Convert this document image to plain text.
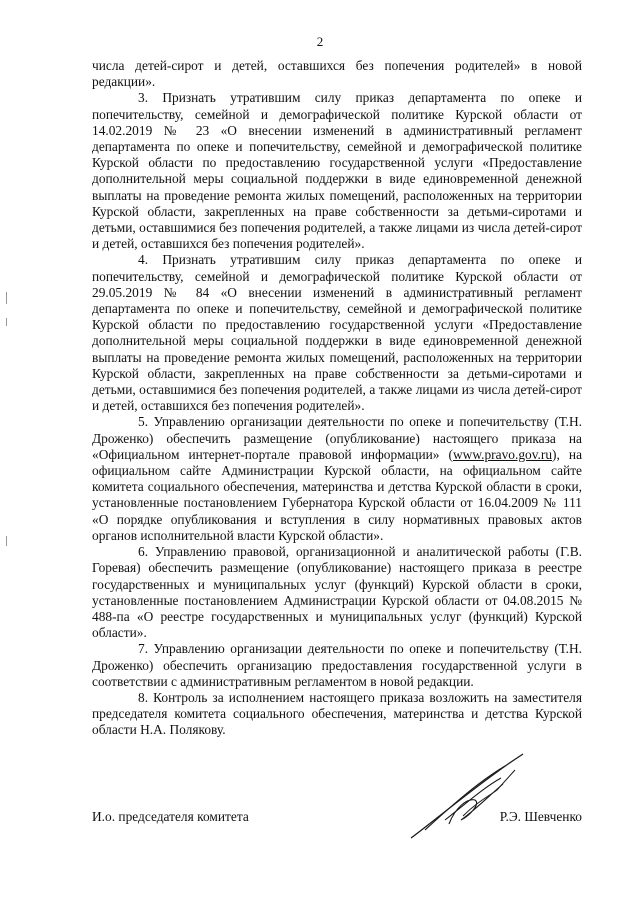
2

числа детей-сирот и детей, оставшихся без попечения родителей» в новой редакции».

3. Признать утратившим силу приказ департамента по опеке и попечительству, семейной и демографической политике Курской области от 14.02.2019 № 23 «О внесении изменений в административный регламент департамента по опеке и попечительству, семейной и демографической политике Курской области по предоставлению государственной услуги «Предоставление дополнительной меры социальной поддержки в виде единовременной денежной выплаты на проведение ремонта жилых помещений, расположенных на территории Курской области, закрепленных на праве собственности за детьми-сиротами и детьми, оставшимися без попечения родителей, а также лицами из числа детей-сирот и детей, оставшихся без попечения родителей».

4. Признать утратившим силу приказ департамента по опеке и попечительству, семейной и демографической политике Курской области от 29.05.2019 № 84 «О внесении изменений в административный регламент департамента по опеке и попечительству, семейной и демографической политике Курской области по предоставлению государственной услуги «Предоставление дополнительной меры социальной поддержки в виде единовременной денежной выплаты на проведение ремонта жилых помещений, расположенных на территории Курской области, закрепленных на праве собственности за детьми-сиротами и детьми, оставшимися без попечения родителей, а также лицами из числа детей-сирот и детей, оставшихся без попечения родителей».

5. Управлению организации деятельности по опеке и попечительству (Т.Н. Дроженко) обеспечить размещение (опубликование) настоящего приказа на «Официальном интернет-портале правовой информации» (www.pravo.gov.ru), на официальном сайте Администрации Курской области, на официальном сайте комитета социального обеспечения, материнства и детства Курской области в сроки, установленные постановлением Губернатора Курской области от 16.04.2009 № 111 «О порядке опубликования и вступления в силу нормативных правовых актов органов исполнительной власти Курской области».

6. Управлению правовой, организационной и аналитической работы (Г.В. Горевая) обеспечить размещение (опубликование) настоящего приказа в реестре государственных и муниципальных услуг (функций) Курской области в сроки, установленные постановлением Администрации Курской области от 04.08.2015 № 488-па «О реестре государственных и муниципальных услуг (функций) Курской области».

7. Управлению организации деятельности по опеке и попечительству (Т.Н. Дроженко) обеспечить организацию предоставления государственной услуги в соответствии с административным регламентом в новой редакции.

8. Контроль за исполнением настоящего приказа возложить на заместителя председателя комитета социального обеспечения, материнства и детства Курской области Н.А. Полякову.

И.о. председателя комитета	Р.Э. Шевченко
